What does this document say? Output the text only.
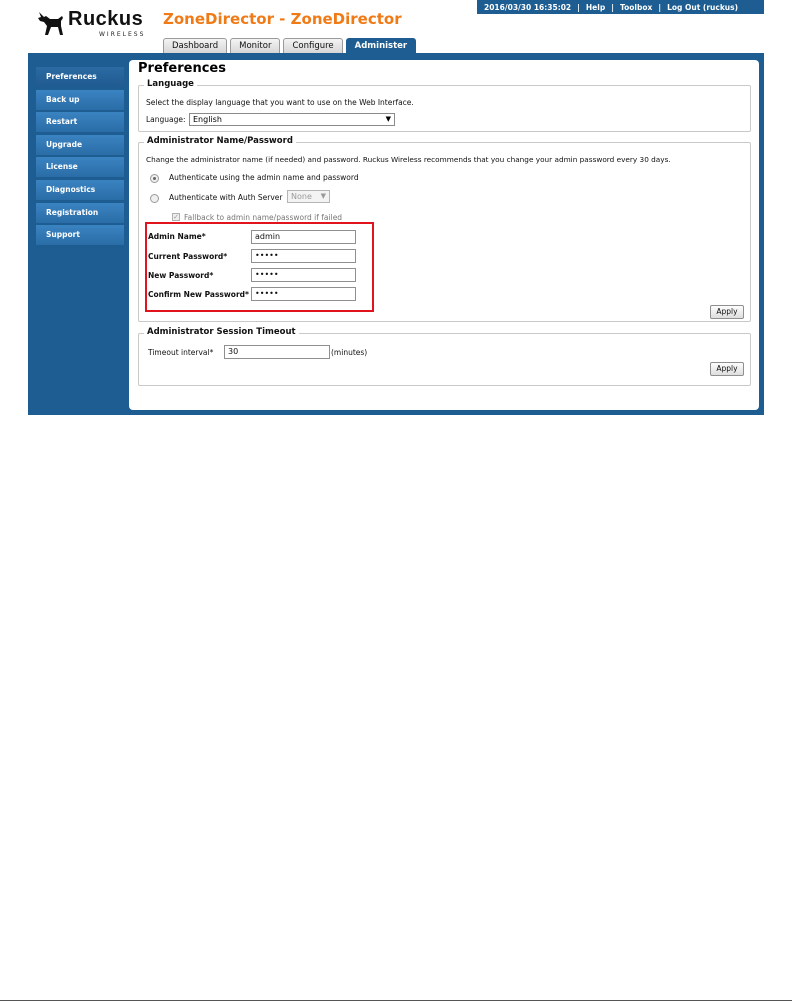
Ruckus
WIRELESS
ZoneDirector - ZoneDirector
2016/03/30 16:35:02 | Help | Toolbox | Log Out (ruckus)
Dashboard	Monitor	Configure	Administer
Preferences
Back up
Restart
Upgrade
License
Diagnostics
Registration
Support
Preferences
Language
Select the display language that you want to use on the Web Interface.
Language: English	▼
Administrator Name/Password
Change the administrator name (if needed) and password. Ruckus Wireless recommends that you change your admin password every 30 days.
Authenticate using the admin name and password
Authenticate with Auth Server	None ▼
✓ Fallback to admin name/password if failed
Admin Name*	admin
Current Password*	•••••
New Password*	•••••
Confirm New Password* •••••
Apply
Administrator Session Timeout
Timeout interval*	30	(minutes)
Apply
